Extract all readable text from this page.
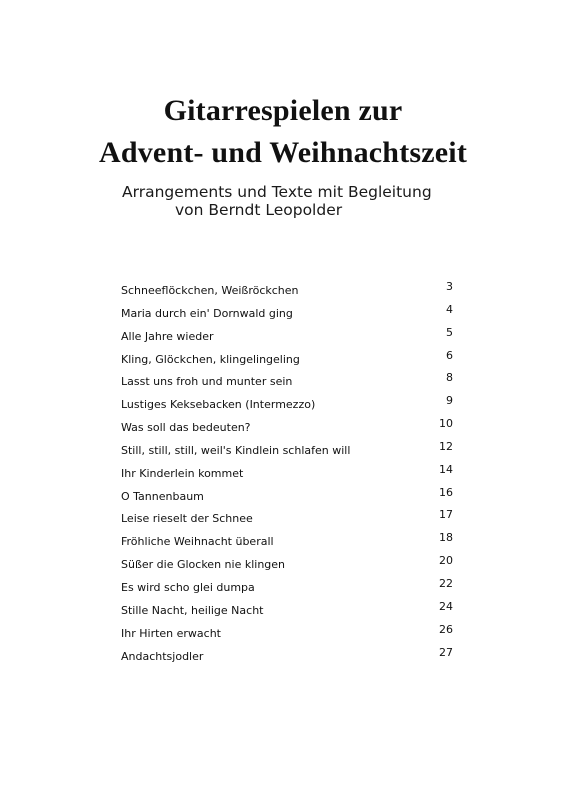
Gitarrespielen zur
Advent- und Weihnachtszeit
Arrangements und Texte mit Begleitung
von Berndt Leopolder
Schneeflöckchen, Weißröckchen	3
Maria durch ein' Dornwald ging	4
Alle Jahre wieder	5
Kling, Glöckchen, klingelingeling	6
Lasst uns froh und munter sein	8
Lustiges Keksebacken (Intermezzo)	9
Was soll das bedeuten?	10
Still, still, still, weil's Kindlein schlafen will	12
Ihr Kinderlein kommet	14
O Tannenbaum	16
Leise rieselt der Schnee	17
Fröhliche Weihnacht überall	18
Süßer die Glocken nie klingen	20
Es wird scho glei dumpa	22
Stille Nacht, heilige Nacht	24
Ihr Hirten erwacht	26
Andachtsjodler	27
